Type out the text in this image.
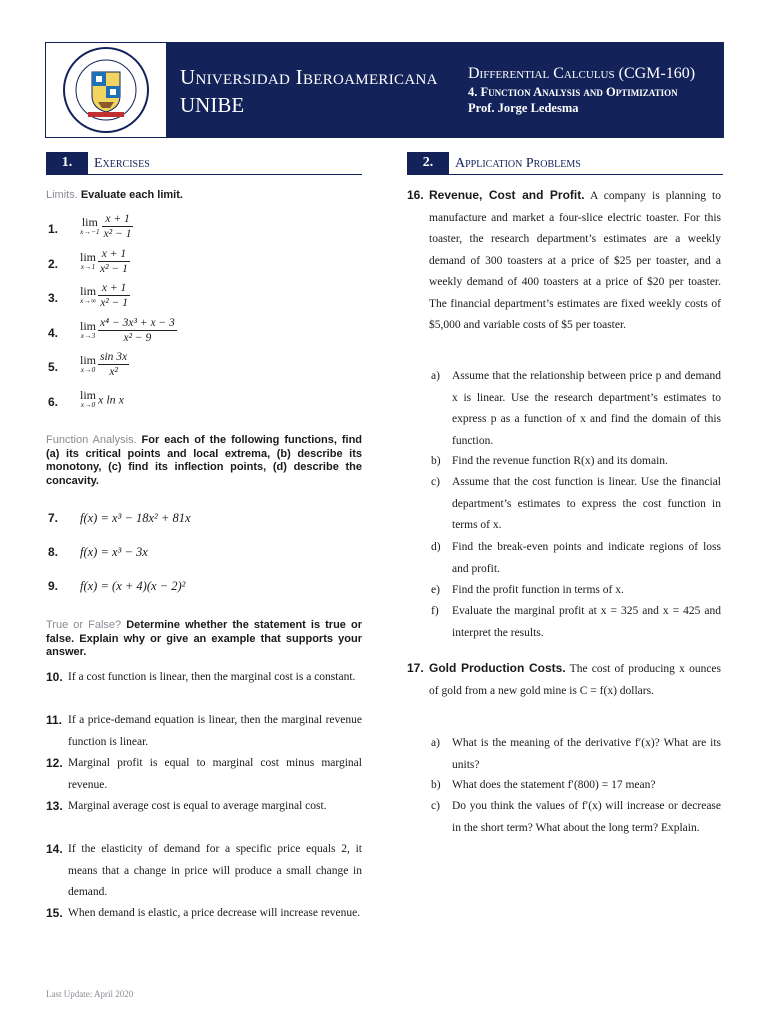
Universidad Iberoamericana
UNIBE
Differential Calculus (CGM-160)
4. Function Analysis and Optimization
Prof. Jorge Ledesma
1.	Exercises	2.	Application Problems
Limits. Evaluate each limit.
1.
lim
$x\to-1 \frac{x + 1}{\text{x² − 1}}$
2.
lim
$x\to 1 \frac{x + 1}{\text{x² − 1}}$
3.
lim
$x\to\infty \frac{x + 1}{\text{x² − 1}}$
4.
lim
$x\to 3 \frac{\text{x⁴ − 3x³ + x − 3}}{\text{x² − 9}}$
5.
lim
$x\to 0 \frac{\sin 3x}{\text{x²}}$
6. lim
x→0 x ln x
Function Analysis. For each of the following functions, find (a) its critical points and local extrema, (b) describe its monotony, (c) find its inflection points, (d) describe the concavity.
7. f(x) = x³ − 18x² + 81x
8. f(x) = x³ − 3x
9. f(x) = (x + 4)(x − 2)²
True or False? Determine whether the statement is true or false. Explain why or give an example that supports your answer.
10. If a cost function is linear, then the marginal cost is a constant.
11. If a price-demand equation is linear, then the marginal revenue function is linear.
12. Marginal profit is equal to marginal cost minus marginal revenue.
13. Marginal average cost is equal to average marginal cost.
14. If the elasticity of demand for a specific price equals 2, it means that a change in price will produce a small change in demand.
15. When demand is elastic, a price decrease will increase revenue.
16. Revenue, Cost and Profit. A company is planning to manufacture and market a four-slice electric toaster. For this toaster, the research department’s estimates are a weekly demand of 300 toasters at a price of $25 per toaster, and a weekly demand of 400 toasters at a price of $20 per toaster. The financial department’s estimates are fixed weekly costs of $5,000 and variable costs of $5 per toaster.
a) Assume that the relationship between price p and demand x is linear. Use the research department’s estimates to express p as a function of x and find the domain of this function.
b) Find the revenue function R(x) and its domain.
c) Assume that the cost function is linear. Use the financial department’s estimates to express the cost function in terms of x.
d) Find the break-even points and indicate regions of loss and profit.
e) Find the profit function in terms of x.
f) Evaluate the marginal profit at x = 325 and x = 425 and interpret the results.
17. Gold Production Costs. The cost of producing x ounces of gold from a new gold mine is C = f(x) dollars.
a) What is the meaning of the derivative f′(x)? What are its units?
b) What does the statement f′(800) = 17 mean?
c) Do you think the values of f′(x) will increase or decrease in the short term? What about the long term? Explain.
Last Update: April 2020
